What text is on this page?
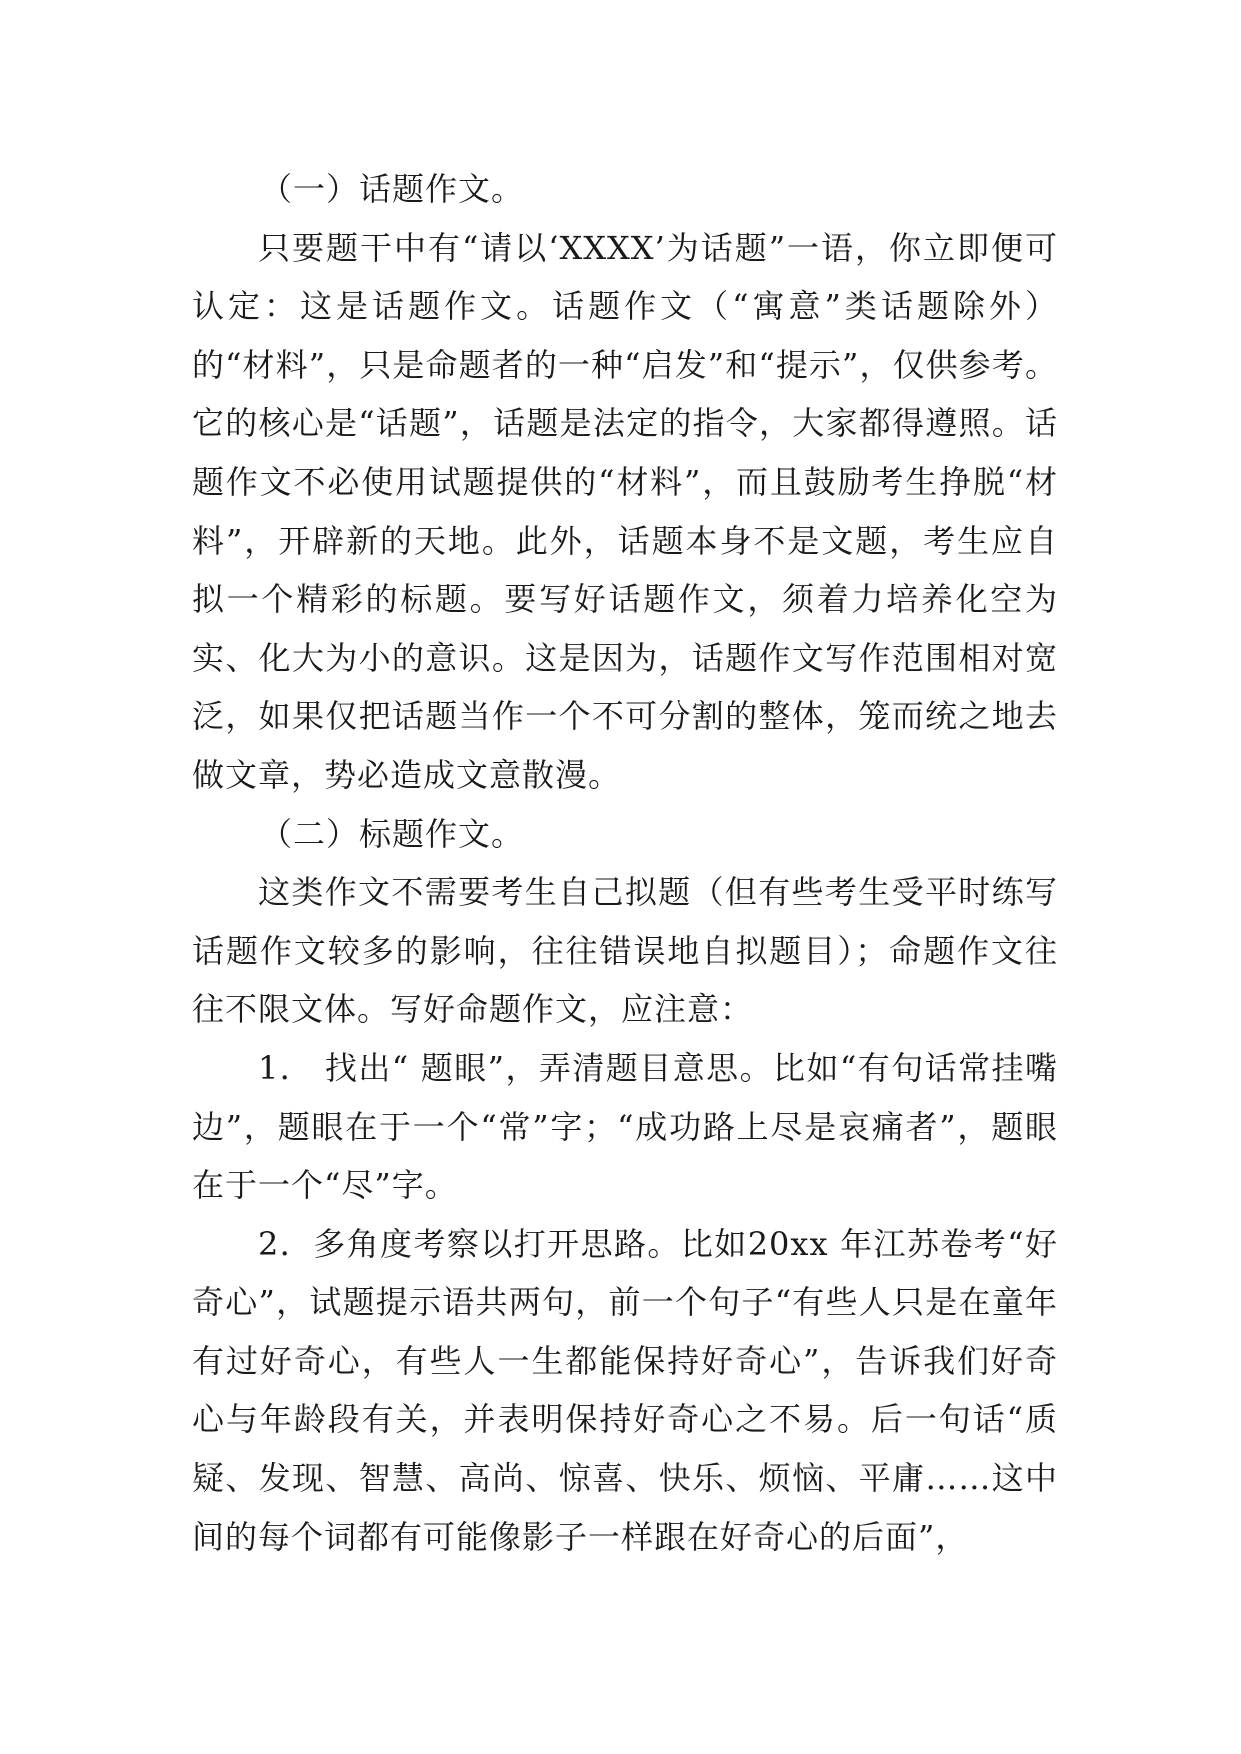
（一）话题作文。

只要题干中有“请以‘XXXX’为话题”一语，你立即便可认定：这是话题作文。话题作文（“寓意”类话题除外）的“材料”，只是命题者的一种“启发”和“提示”，仅供参考。它的核心是“话题”，话题是法定的指令，大家都得遵照。话题作文不必使用试题提供的“材料”，而且鼓励考生挣脱“材料”，开辟新的天地。此外，话题本身不是文题，考生应自拟一个精彩的标题。要写好话题作文，须着力培养化空为实、化大为小的意识。这是因为，话题作文写作范围相对宽泛，如果仅把话题当作一个不可分割的整体，笼而统之地去做文章，势必造成文意散漫。

（二）标题作文。

这类作文不需要考生自己拟题（但有些考生受平时练写话题作文较多的影响，往往错误地自拟题目）；命题作文往往不限文体。写好命题作文，应注意：

1． 找出“ 题眼”，弄清题目意思。比如“有句话常挂嘴边”，题眼在于一个“常”字；“成功路上尽是哀痛者”，题眼在于一个“尽”字。

2．多角度考察以打开思路。比如20xx 年江苏卷考“好奇心”，试题提示语共两句，前一个句子“有些人只是在童年有过好奇心，有些人一生都能保持好奇心”，告诉我们好奇心与年龄段有关，并表明保持好奇心之不易。后一句话“质疑、发现、智慧、高尚、惊喜、快乐、烦恼、平庸……这中间的每个词都有可能像影子一样跟在好奇心的后面”，
